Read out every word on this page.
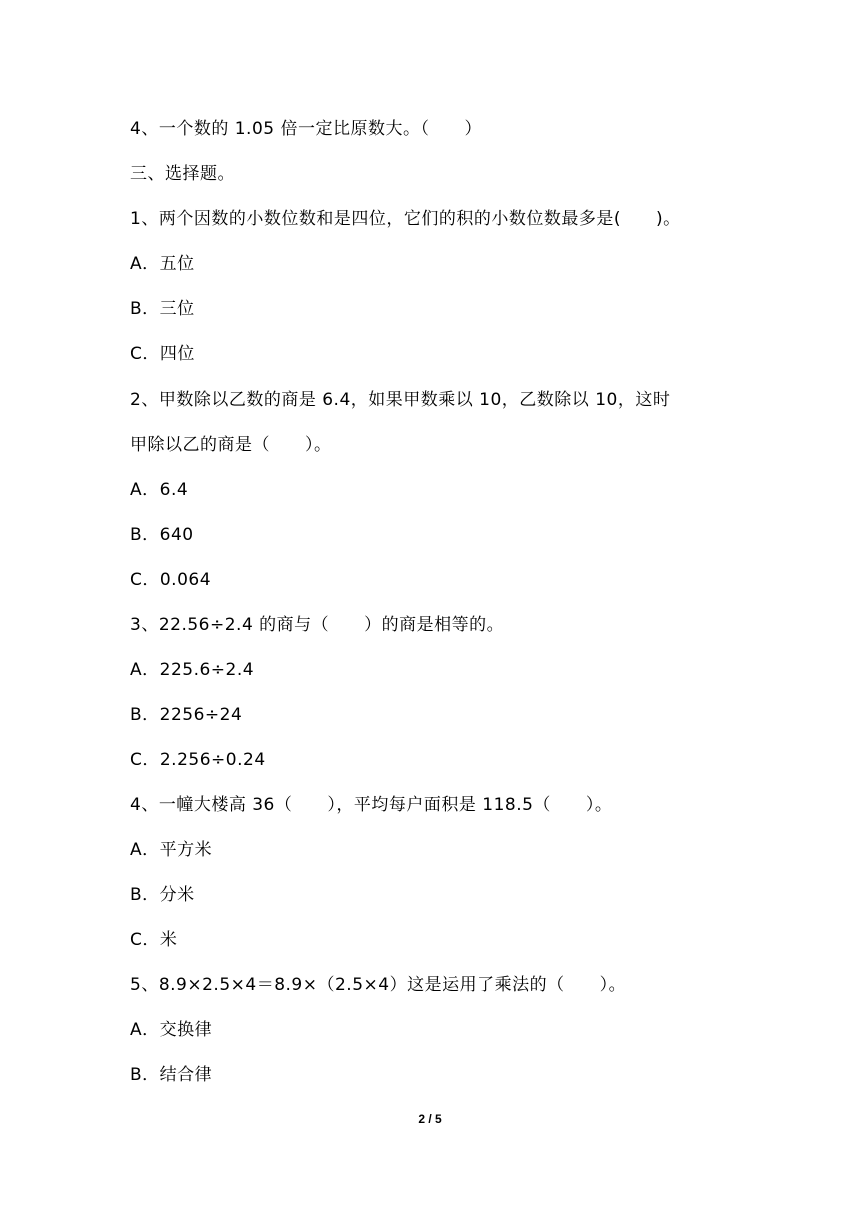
4、一个数的 1.05 倍一定比原数大。（　　）
三、选择题。
1、两个因数的小数位数和是四位，它们的积的小数位数最多是(　　)。
A．五位
B．三位
C．四位
2、甲数除以乙数的商是 6.4，如果甲数乘以 10，乙数除以 10，这时
甲除以乙的商是（　　）。
A．6.4
B．640
C．0.064
3、22.56÷2.4 的商与（　　）的商是相等的。
A．225.6÷2.4
B．2256÷24
C．2.256÷0.24
4、一幢大楼高 36（　　），平均每户面积是 118.5（　　）。
A．平方米
B．分米
C．米
5、8.9×2.5×4＝8.9×（2.5×4）这是运用了乘法的（　　）。
A．交换律
B．结合律
2 / 5
